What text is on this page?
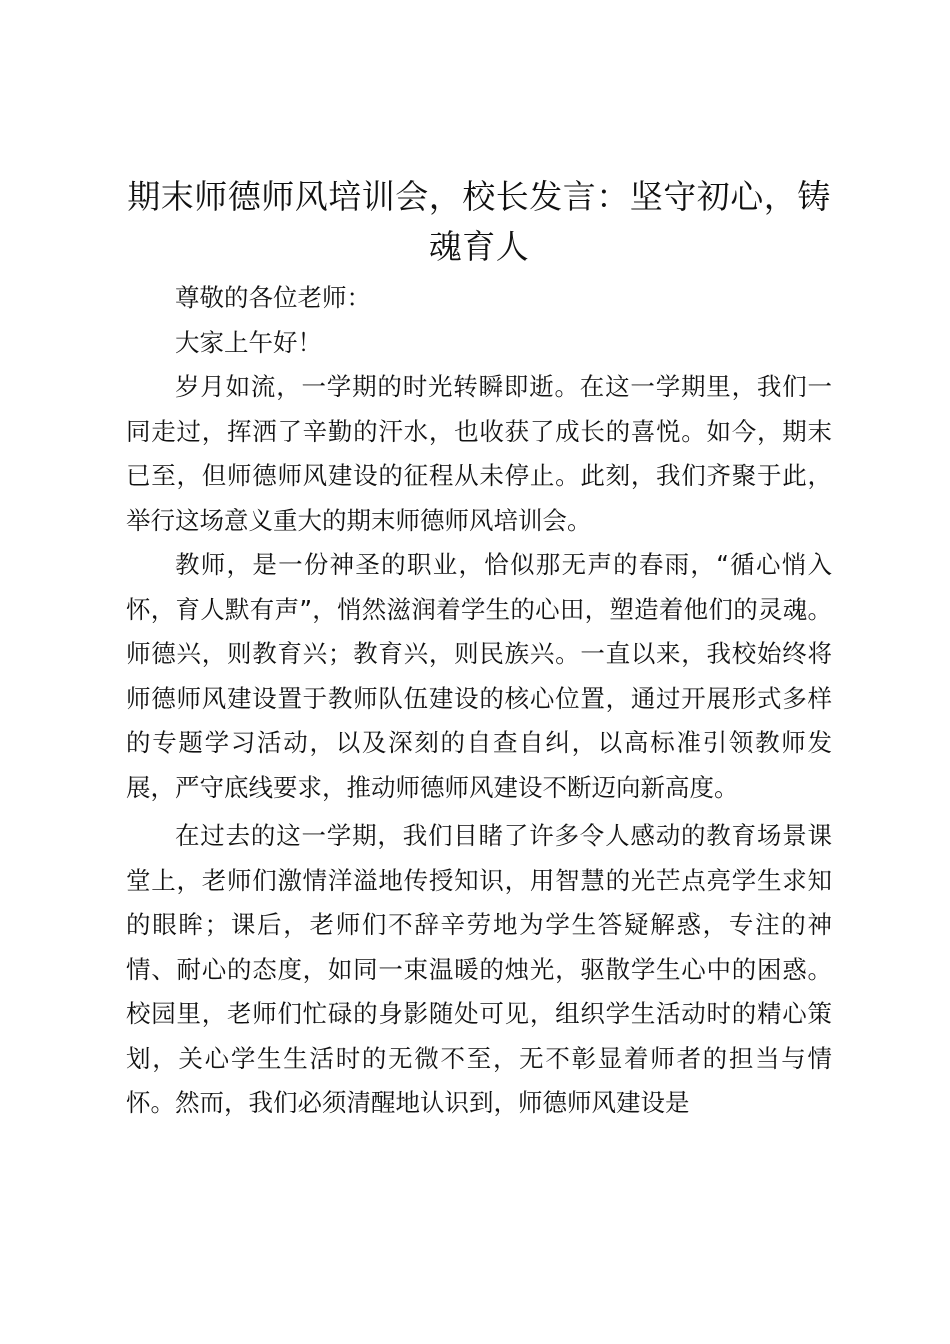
期末师德师风培训会，校长发言：坚守初心，铸魂育人

尊敬的各位老师：

大家上午好！

岁月如流，一学期的时光转瞬即逝。在这一学期里，我们一同走过，挥洒了辛勤的汗水，也收获了成长的喜悦。如今，期末已至，但师德师风建设的征程从未停止。此刻，我们齐聚于此，举行这场意义重大的期末师德师风培训会。

教师，是一份神圣的职业，恰似那无声的春雨，“循心悄入怀，育人默有声”，悄然滋润着学生的心田，塑造着他们的灵魂。师德兴，则教育兴；教育兴，则民族兴。一直以来，我校始终将师德师风建设置于教师队伍建设的核心位置，通过开展形式多样的专题学习活动，以及深刻的自查自纠，以高标准引领教师发展，严守底线要求，推动师德师风建设不断迈向新高度。

在过去的这一学期，我们目睹了许多令人感动的教育场景课堂上，老师们激情洋溢地传授知识，用智慧的光芒点亮学生求知的眼眸；课后，老师们不辞辛劳地为学生答疑解惑，专注的神情、耐心的态度，如同一束温暖的烛光，驱散学生心中的困惑。校园里，老师们忙碌的身影随处可见，组织学生活动时的精心策划，关心学生生活时的无微不至，无不彰显着师者的担当与情怀。然而，我们必须清醒地认识到，师德师风建设是
